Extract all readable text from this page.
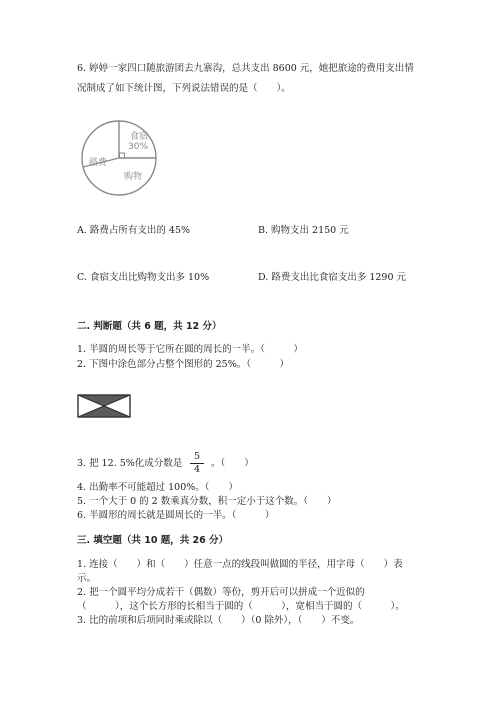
6. 婷婷一家四口随旅游团去九寨沟，总共支出 8600 元，她把旅途的费用支出情
况制成了如下统计图，下列说法错误的是（　　）。
食宿
30%
路费
购物
A. 路费占所有支出的 45%	B. 购物支出 2150 元
C. 食宿支出比购物支出多 10%	D. 路费支出比食宿支出多 1290 元
二. 判断题（共 6 题，共 12 分）
1. 半圆的周长等于它所在圆的周长的一半。（　　　）
2. 下图中涂色部分占整个图形的 25%。（　　　）
3. 把 12. 5%化成分数是 $\frac{5}{4}$ 。（　　）
4. 出勤率不可能超过 100%。（　　）
5. 一个大于 0 的 2 数乘真分数，积一定小于这个数。（　　）
6. 半圆形的周长就是圆周长的一半。（　　　）
三. 填空题（共 10 题，共 26 分）
1. 连接（　　）和（　　）任意一点的线段叫做圆的半径，用字母（　　）表
示。
2. 把一个圆平均分成若干（偶数）等份，剪开后可以拼成一个近似的
（　　　），这个长方形的长相当于圆的（　　　），宽相当于圆的（　　　）。
3. 比的前项和后项同时乘或除以（　　）（0 除外），（　　）不变。
